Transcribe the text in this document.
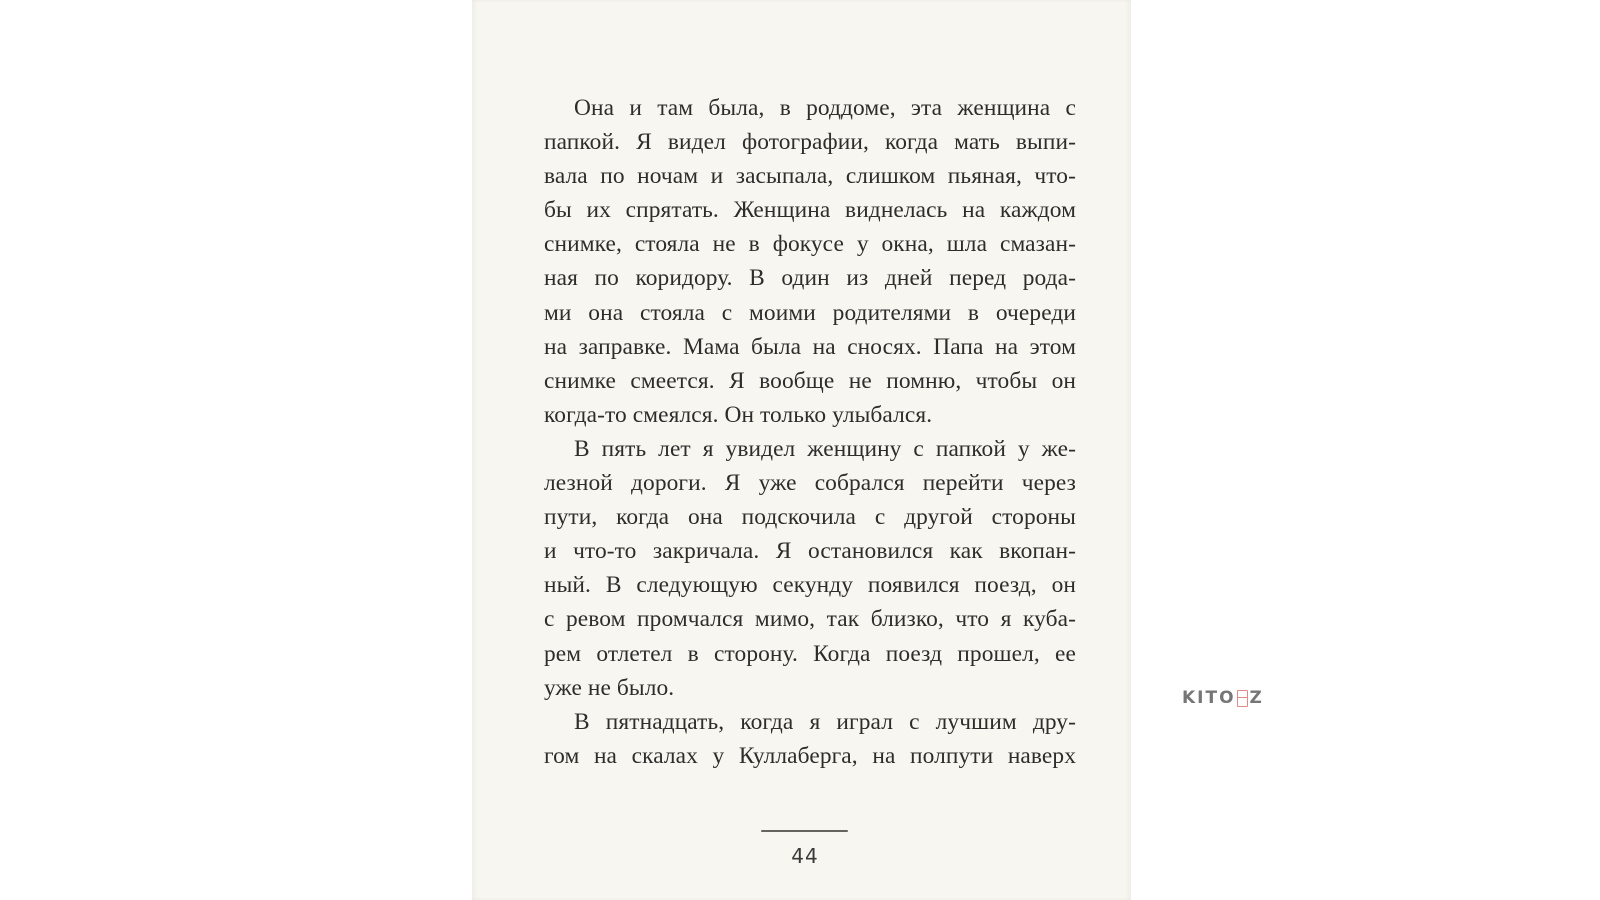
Она и там была, в роддоме, эта женщина с
папкой. Я видел фотографии, когда мать выпи-
вала по ночам и засыпала, слишком пьяная, что-
бы их спрятать. Женщина виднелась на каждом
снимке, стояла не в фокусе у окна, шла смазан-
ная по коридору. В один из дней перед рода-
ми она стояла с моими родителями в очереди
на заправке. Мама была на сносях. Папа на этом
снимке смеется. Я вообще не помню, чтобы он
когда-то смеялся. Он только улыбался.
В пять лет я увидел женщину с папкой у же-
лезной дороги. Я уже собрался перейти через
пути, когда она подскочила с другой стороны
и что-то закричала. Я остановился как вкопан-
ный. В следующую секунду появился поезд, он
с ревом промчался мимо, так близко, что я куба-
рем отлетел в сторону. Когда поезд прошел, ее
уже не было.
В пятнадцать, когда я играл с лучшим дру-
гом на скалах у Куллаберга, на полпути наверх
44
KITO Z
